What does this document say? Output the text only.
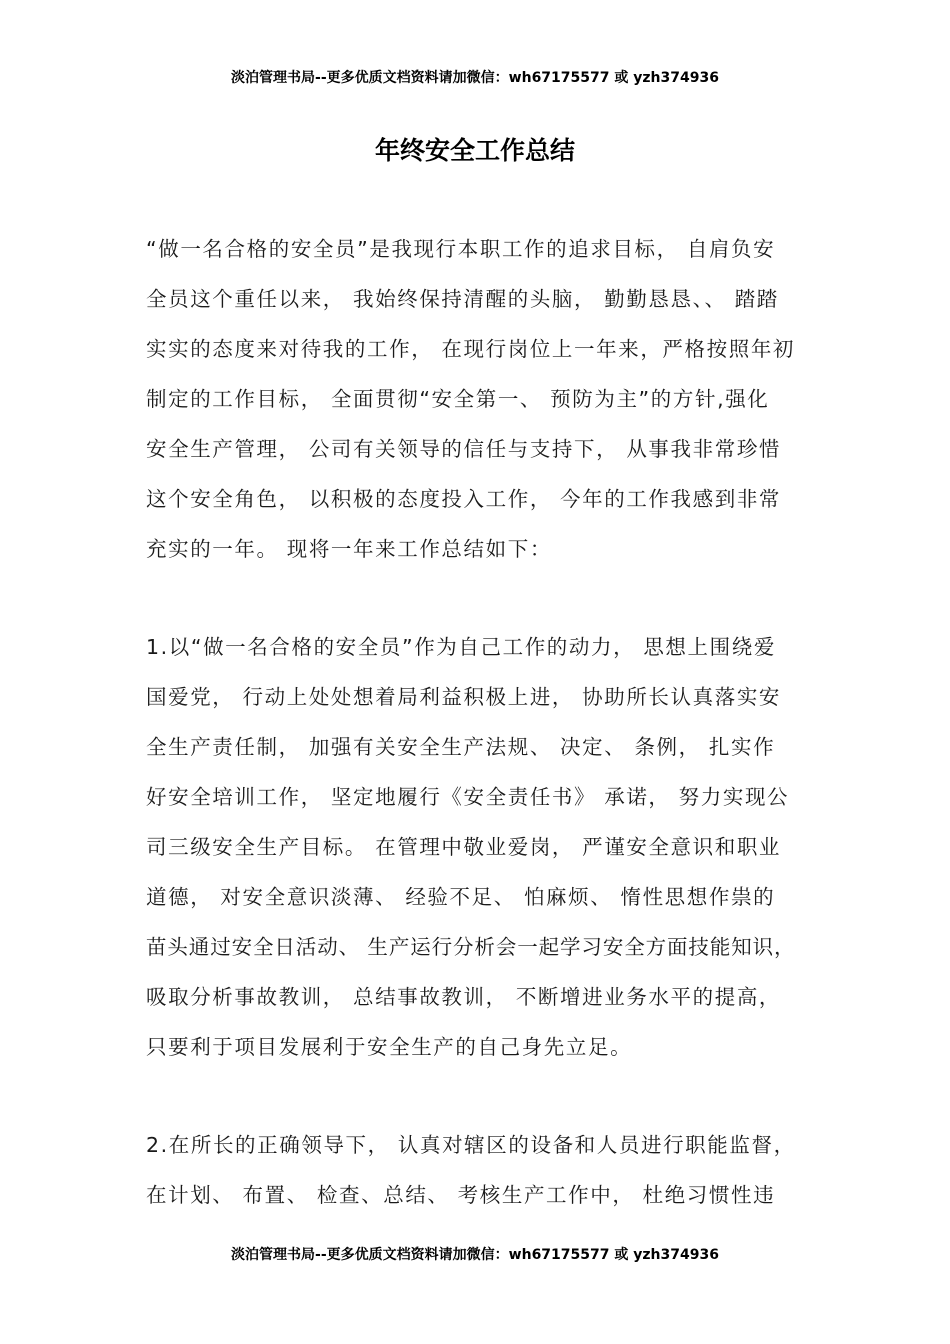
淡泊管理书局--更多优质文档资料请加微信：wh67175577 或 yzh374936
年终安全工作总结
“做一名合格的安全员”是我现行本职工作的追求目标， 自肩负安
全员这个重任以来， 我始终保持清醒的头脑， 勤勤恳恳、、 踏踏
实实的态度来对待我的工作， 在现行岗位上一年来，严格按照年初
制定的工作目标， 全面贯彻“安全第一、 预防为主”的方针,强化
安全生产管理， 公司有关领导的信任与支持下， 从事我非常珍惜
这个安全角色， 以积极的态度投入工作， 今年的工作我感到非常
充实的一年。 现将一年来工作总结如下：
1.以“做一名合格的安全员”作为自己工作的动力， 思想上围绕爱
国爱党， 行动上处处想着局利益积极上进， 协助所长认真落实安
全生产责任制， 加强有关安全生产法规、 决定、 条例， 扎实作
好安全培训工作， 坚定地履行《安全责任书》 承诺， 努力实现公
司三级安全生产目标。 在管理中敬业爱岗， 严谨安全意识和职业
道德， 对安全意识淡薄、 经验不足、 怕麻烦、 惰性思想作祟的
苗头通过安全日活动、 生产运行分析会一起学习安全方面技能知识，
吸取分析事故教训， 总结事故教训， 不断增进业务水平的提高，
只要利于项目发展利于安全生产的自己身先立足。
2.在所长的正确领导下， 认真对辖区的设备和人员进行职能监督，
在计划、 布置、 检查、总结、 考核生产工作中， 杜绝习惯性违
淡泊管理书局--更多优质文档资料请加微信：wh67175577 或 yzh374936
